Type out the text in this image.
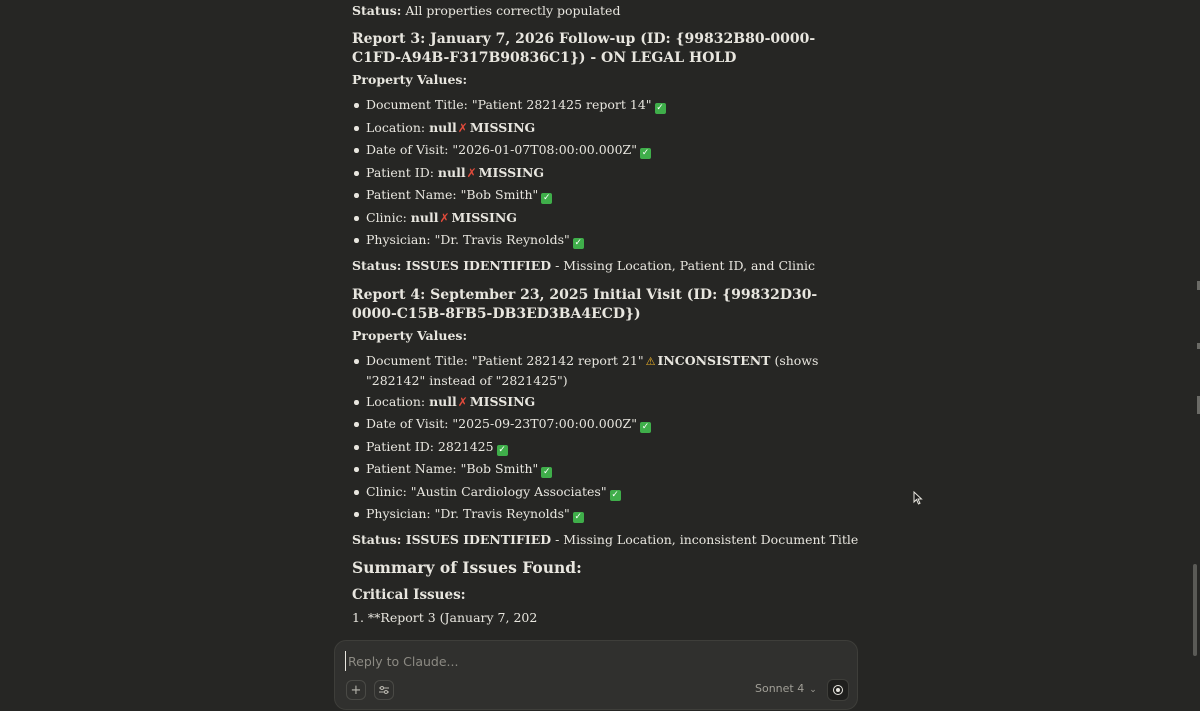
Status: All properties correctly populated
Report 3: January 7, 2026 Follow-up (ID: {99832B80-0000-C1FD-A94B-F317B90836C1}) - ON LEGAL HOLD
Property Values:
Document Title: "Patient 2821425 report 14" ✓
Location: null✗ MISSING
Date of Visit: "2026-01-07T08:00:00.000Z" ✓
Patient ID: null✗ MISSING
Patient Name: "Bob Smith" ✓
Clinic: null✗ MISSING
Physician: "Dr. Travis Reynolds" ✓
Status: ISSUES IDENTIFIED - Missing Location, Patient ID, and Clinic
Report 4: September 23, 2025 Initial Visit (ID: {99832D30-0000-C15B-8FB5-DB3ED3BA4ECD})
Property Values:
Document Title: "Patient 282142 report 21" ⚠ INCONSISTENT (shows "282142" instead of "2821425")
Location: null✗ MISSING
Date of Visit: "2025-09-23T07:00:00.000Z" ✓
Patient ID: 2821425 ✓
Patient Name: "Bob Smith" ✓
Clinic: "Austin Cardiology Associates" ✓
Physician: "Dr. Travis Reynolds" ✓
Status: ISSUES IDENTIFIED - Missing Location, inconsistent Document Title
Summary of Issues Found:
Critical Issues:
1. **Report 3 (January 7, 202
Reply to Claude...
+	Sonnet 4 ⌄
